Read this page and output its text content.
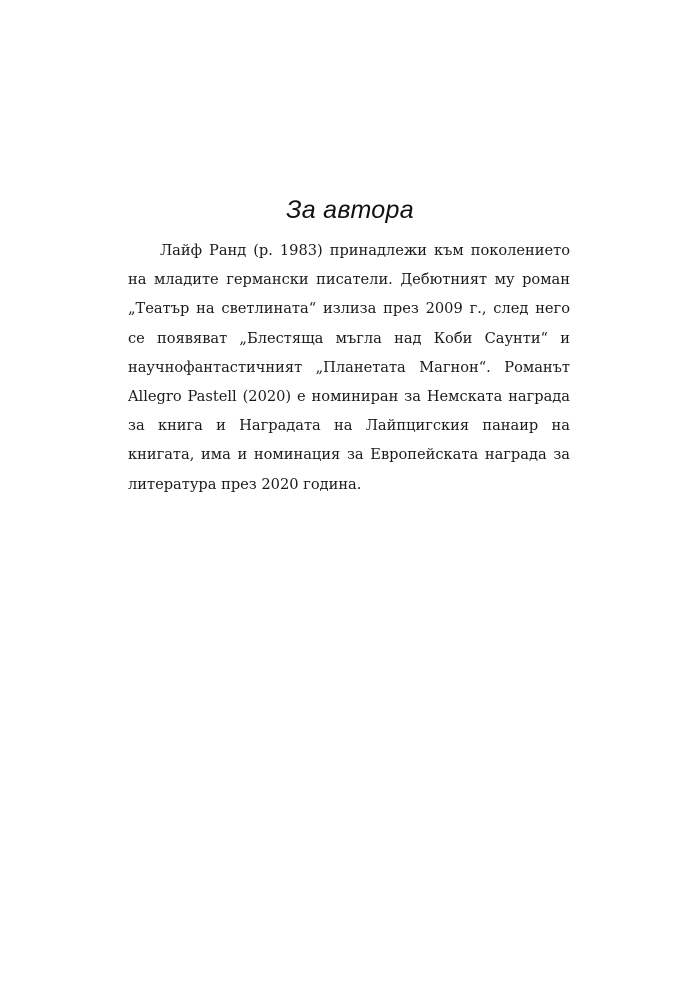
За автора

Лайф Ранд (р. 1983) принадлежи към поколението на младите германски писатели. Дебютният му роман „Театър на светлината“ излиза през 2009 г., след него се появяват „Блестяща мъгла над Коби Саунти“ и научнофантастичният „Планетата Магнон“. Романът Allegro Pastell (2020) е номиниран за Немската награда за книга и Наградата на Лайпцигския панаир на книгата, има и номинация за Европейската награда за литература през 2020 година.
